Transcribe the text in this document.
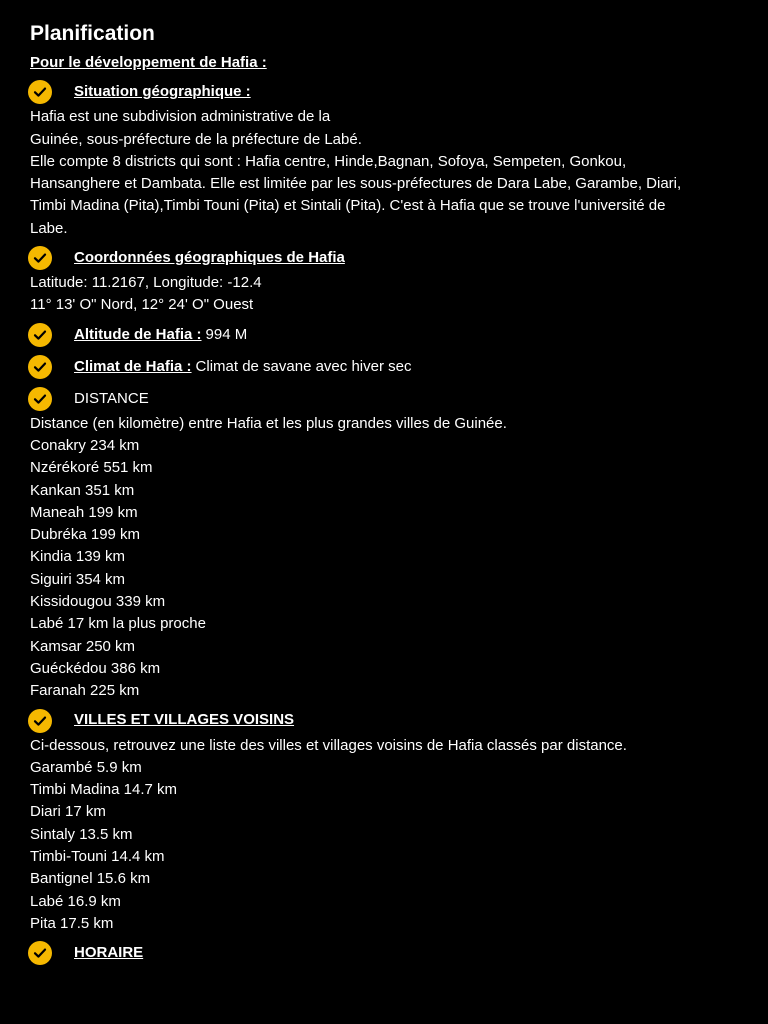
Planification
Pour le développement de Hafia :
Situation géographique :
Hafia est une subdivision administrative de la
Guinée, sous-préfecture de la préfecture de Labé.
Elle compte 8 districts qui sont : Hafia centre, Hinde,Bagnan, Sofoya, Sempeten, Gonkou,
Hansanghere et Dambata. Elle est limitée par les sous-préfectures de Dara Labe, Garambe, Diari,
Timbi Madina (Pita),Timbi Touni (Pita) et Sintali (Pita). C'est à Hafia que se trouve l'université de
Labe.
Coordonnées géographiques de Hafia
Latitude: 11.2167, Longitude: -12.4
11° 13' O" Nord, 12° 24' O" Ouest
Altitude de Hafia : 994 M
Climat de Hafia : Climat de savane avec hiver sec
DISTANCE
Distance (en kilomètre) entre Hafia et les plus grandes villes de Guinée.
Conakry 234 km
Nzérékoré 551 km
Kankan 351 km
Maneah 199 km
Dubréka 199 km
Kindia 139 km
Siguiri 354 km
Kissidougou 339 km
Labé 17 km la plus proche
Kamsar 250 km
Guéckédou 386 km
Faranah 225 km
VILLES ET VILLAGES VOISINS
Ci-dessous, retrouvez une liste des villes et villages voisins de Hafia classés par distance.
Garambé 5.9 km
Timbi Madina 14.7 km
Diari 17 km
Sintaly 13.5 km
Timbi-Touni 14.4 km
Bantignel 15.6 km
Labé 16.9 km
Pita 17.5 km
HORAIRE
